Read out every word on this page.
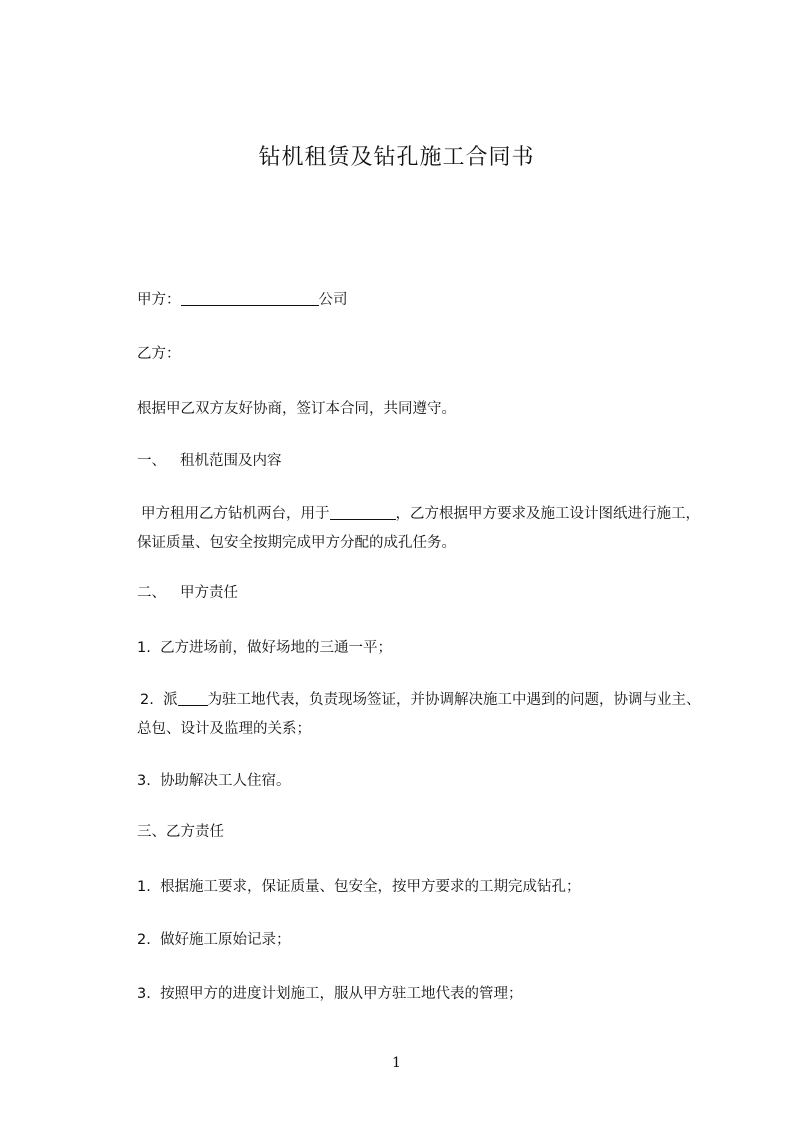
钻机租赁及钻孔施工合同书
甲方：	公司
乙方：
根据甲乙双方友好协商，签订本合同，共同遵守。
一、 租机范围及内容
甲方租用乙方钻机两台，用于	，乙方根据甲方要求及施工设计图纸进行施工，保证质量、包安全按期完成甲方分配的成孔任务。
二、 甲方责任
1. 乙方进场前，做好场地的三通一平；
2. 派 为驻工地代表，负责现场签证，并协调解决施工中遇到的问题，协调与业主、总包、设计及监理的关系；
3. 协助解决工人住宿。
三、乙方责任
1. 根据施工要求，保证质量、包安全，按甲方要求的工期完成钻孔；
2. 做好施工原始记录；
3. 按照甲方的进度计划施工，服从甲方驻工地代表的管理；
1
